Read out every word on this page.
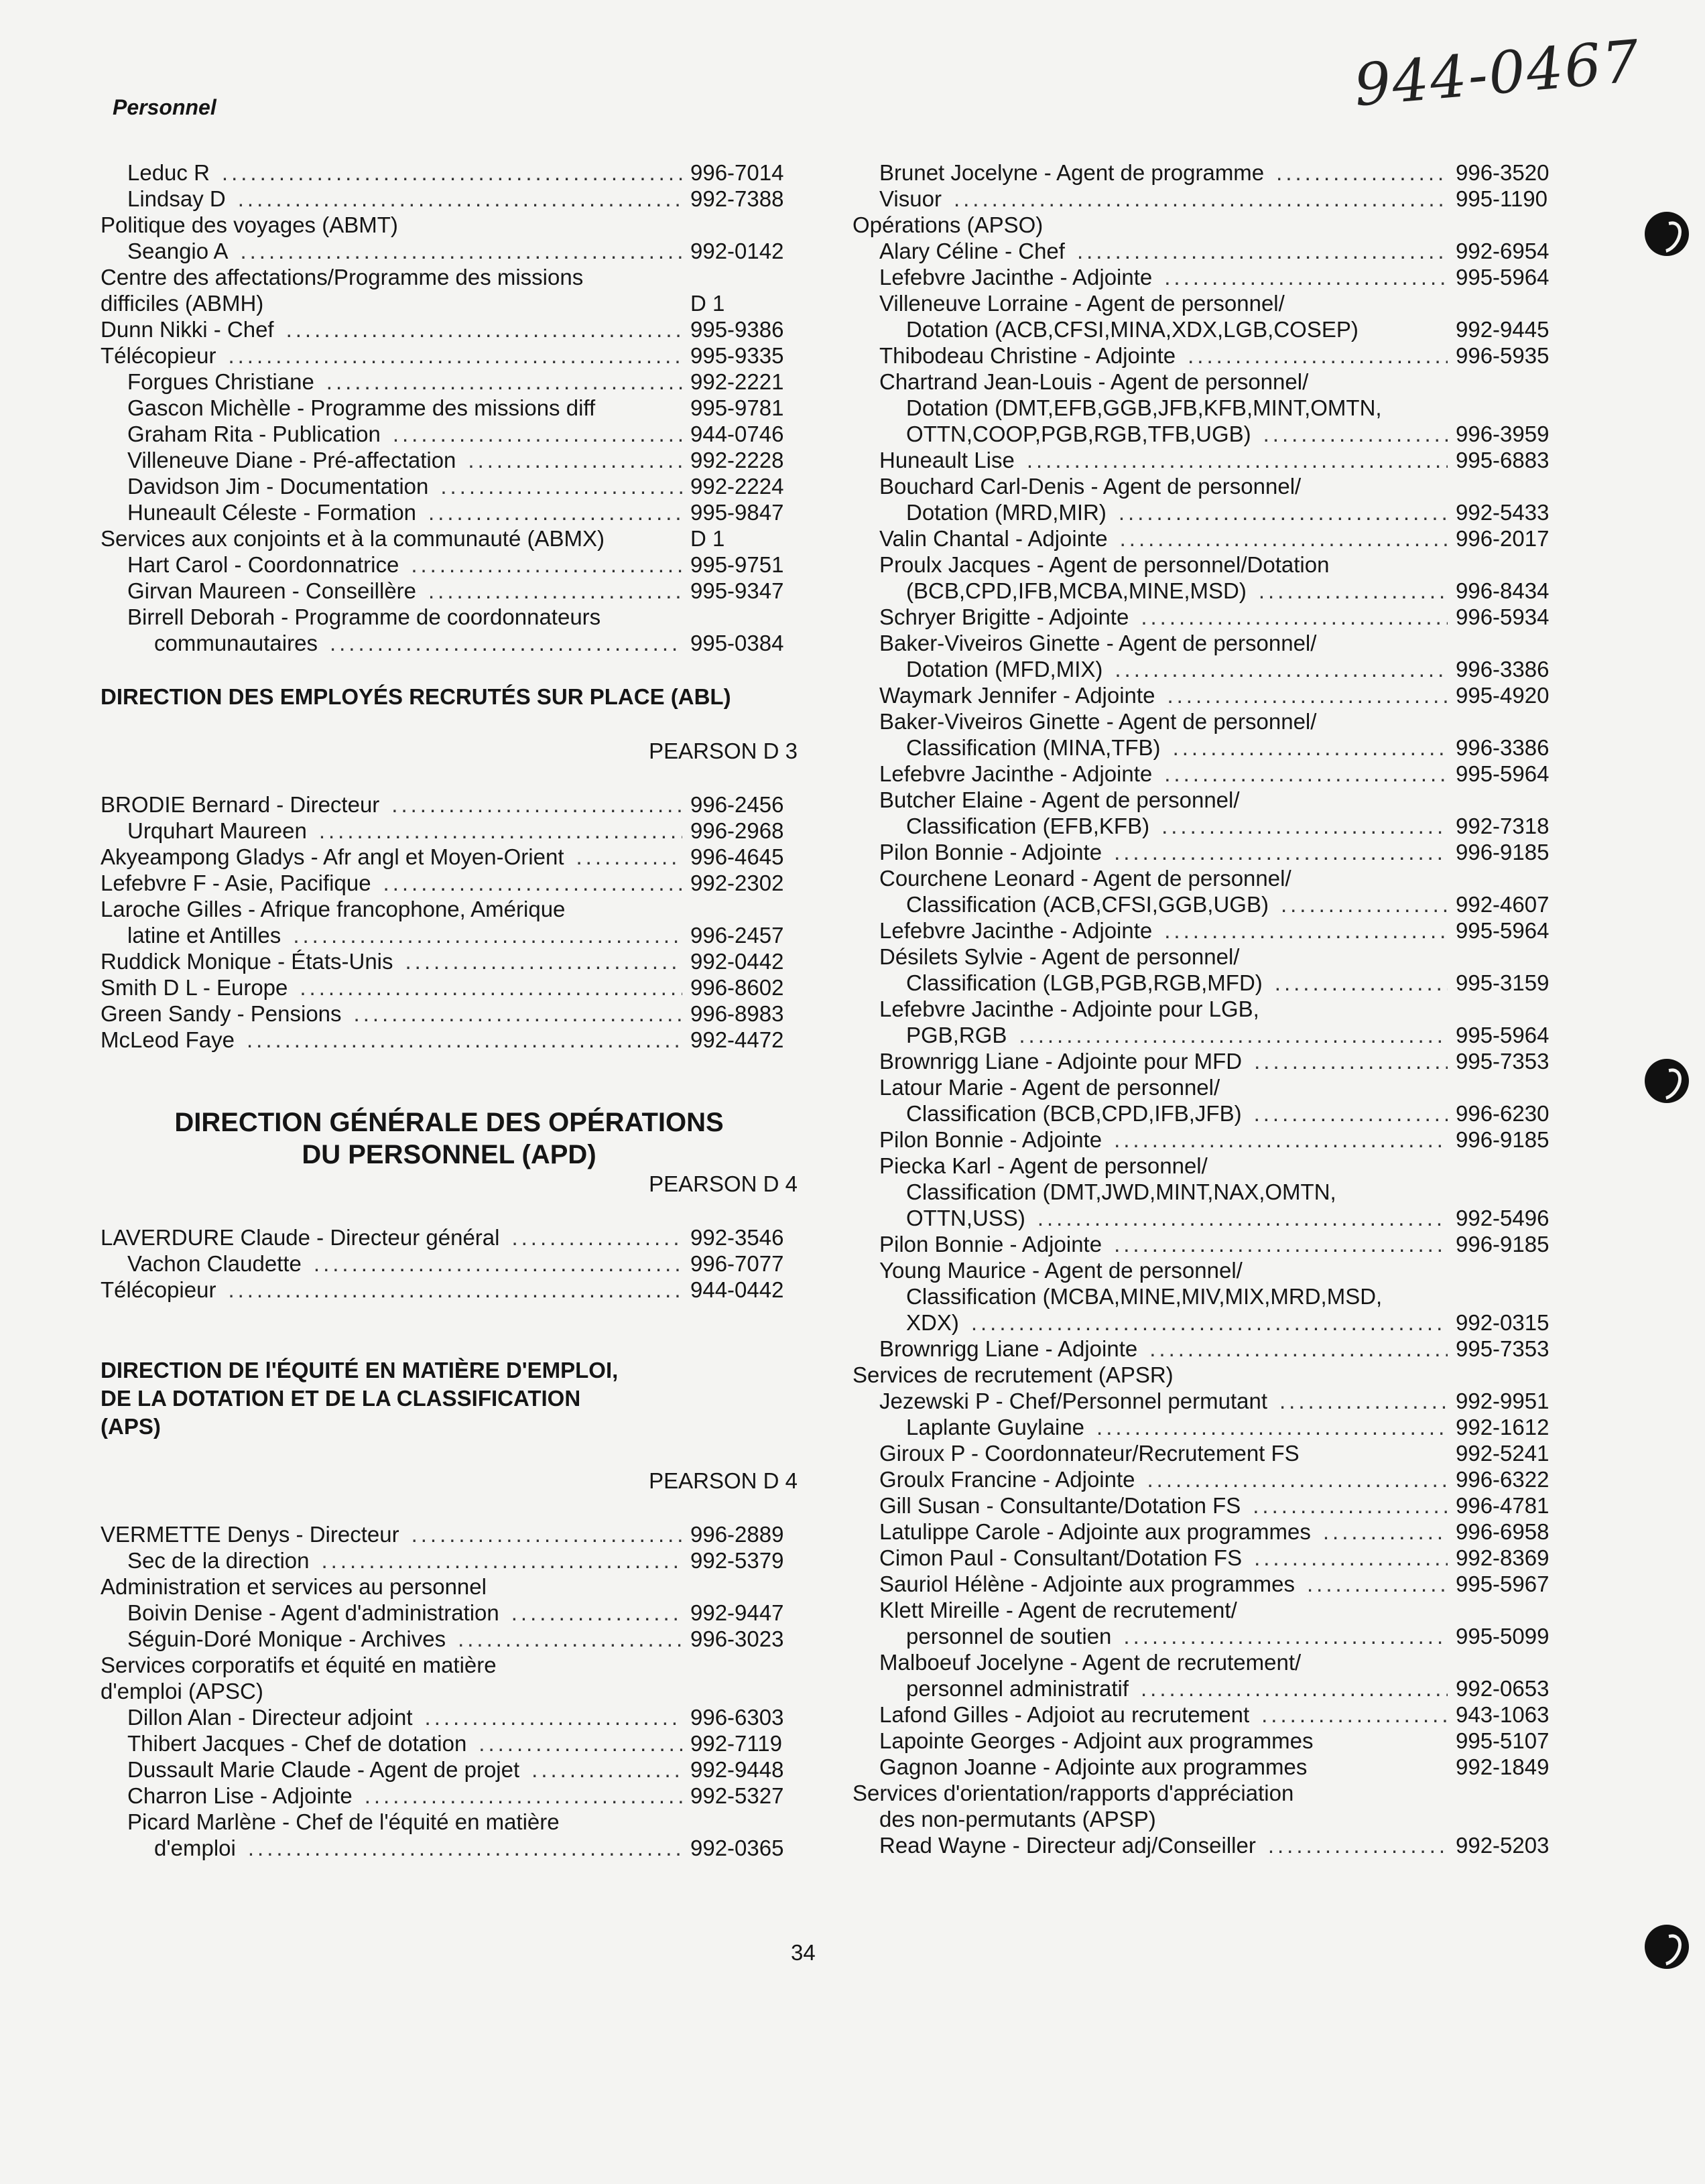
Personnel	944-0467
Leduc R .....	996-7014
Lindsay D .....	992-7388
Politique des voyages (ABMT)
Seangio A .....	992-0142
Centre des affectations/Programme des missions
difficiles (ABMH)	D 1
Dunn Nikki - Chef .....	995-9386
Télécopieur .....	995-9335
Forgues Christiane .....	992-2221
Gascon Michèlle - Programme des missions diff	995-9781
Graham Rita - Publication .....	944-0746
Villeneuve Diane - Pré-affectation .....	992-2228
Davidson Jim - Documentation .....	992-2224
Huneault Céleste - Formation .....	995-9847
Services aux conjoints et à la communauté (ABMX)	D 1
Hart Carol - Coordonnatrice .....	995-9751
Girvan Maureen - Conseillère .....	995-9347
Birrell Deborah - Programme de coordonnateurs
communautaires .....	995-0384
DIRECTION DES EMPLOYÉS RECRUTÉS SUR PLACE (ABL)
PEARSON D 3
BRODIE Bernard - Directeur .....	996-2456
Urquhart Maureen .....	996-2968
Akyeampong Gladys - Afr angl et Moyen-Orient .....	996-4645
Lefebvre F - Asie, Pacifique .....	992-2302
Laroche Gilles - Afrique francophone, Amérique
latine et Antilles .....	996-2457
Ruddick Monique - États-Unis .....	992-0442
Smith D L - Europe .....	996-8602
Green Sandy - Pensions .....	996-8983
McLeod Faye .....	992-4472
DIRECTION GÉNÉRALE DES OPÉRATIONS
DU PERSONNEL (APD)
PEARSON D 4
LAVERDURE Claude - Directeur général .....	992-3546
Vachon Claudette .....	996-7077
Télécopieur .....	944-0442
DIRECTION DE l'ÉQUITÉ EN MATIÈRE D'EMPLOI,
DE LA DOTATION ET DE LA CLASSIFICATION
(APS)
PEARSON D 4
VERMETTE Denys - Directeur .....	996-2889
Sec de la direction .....	992-5379
Administration et services au personnel
Boivin Denise - Agent d'administration .....	992-9447
Séguin-Doré Monique - Archives .....	996-3023
Services corporatifs et équité en matière
d'emploi (APSC)
Dillon Alan - Directeur adjoint .....	996-6303
Thibert Jacques - Chef de dotation .....	992-7119
Dussault Marie Claude - Agent de projet .....	992-9448
Charron Lise - Adjointe .....	992-5327
Picard Marlène - Chef de l'équité en matière
d'emploi .....	992-0365
Brunet Jocelyne - Agent de programme .....	996-3520
Visuor .....	995-1190
Opérations (APSO)
Alary Céline - Chef .....	992-6954
Lefebvre Jacinthe - Adjointe .....	995-5964
Villeneuve Lorraine - Agent de personnel/
Dotation (ACB,CFSI,MINA,XDX,LGB,COSEP)	992-9445
Thibodeau Christine - Adjointe .....	996-5935
Chartrand Jean-Louis - Agent de personnel/
Dotation (DMT,EFB,GGB,JFB,KFB,MINT,OMTN,
OTTN,COOP,PGB,RGB,TFB,UGB) .....	996-3959
Huneault Lise .....	995-6883
Bouchard Carl-Denis - Agent de personnel/
Dotation (MRD,MIR) .....	992-5433
Valin Chantal - Adjointe .....	996-2017
Proulx Jacques - Agent de personnel/Dotation
(BCB,CPD,IFB,MCBA,MINE,MSD) .....	996-8434
Schryer Brigitte - Adjointe .....	996-5934
Baker-Viveiros Ginette - Agent de personnel/
Dotation (MFD,MIX) .....	996-3386
Waymark Jennifer - Adjointe .....	995-4920
Baker-Viveiros Ginette - Agent de personnel/
Classification (MINA,TFB) .....	996-3386
Lefebvre Jacinthe - Adjointe .....	995-5964
Butcher Elaine - Agent de personnel/
Classification (EFB,KFB) .....	992-7318
Pilon Bonnie - Adjointe .....	996-9185
Courchene Leonard - Agent de personnel/
Classification (ACB,CFSI,GGB,UGB) .....	992-4607
Lefebvre Jacinthe - Adjointe .....	995-5964
Désilets Sylvie - Agent de personnel/
Classification (LGB,PGB,RGB,MFD) .....	995-3159
Lefebvre Jacinthe - Adjointe pour LGB,
PGB,RGB .....	995-5964
Brownrigg Liane - Adjointe pour MFD .....	995-7353
Latour Marie - Agent de personnel/
Classification (BCB,CPD,IFB,JFB) .....	996-6230
Pilon Bonnie - Adjointe .....	996-9185
Piecka Karl - Agent de personnel/
Classification (DMT,JWD,MINT,NAX,OMTN,
OTTN,USS) .....	992-5496
Pilon Bonnie - Adjointe .....	996-9185
Young Maurice - Agent de personnel/
Classification (MCBA,MINE,MIV,MIX,MRD,MSD,
XDX) .....	992-0315
Brownrigg Liane - Adjointe .....	995-7353
Services de recrutement (APSR)
Jezewski P - Chef/Personnel permutant .....	992-9951
Laplante Guylaine .....	992-1612
Giroux P - Coordonnateur/Recrutement FS	992-5241
Groulx Francine - Adjointe .....	996-6322
Gill Susan - Consultante/Dotation FS .....	996-4781
Latulippe Carole - Adjointe aux programmes .....	996-6958
Cimon Paul - Consultant/Dotation FS .....	992-8369
Sauriol Hélène - Adjointe aux programmes .....	995-5967
Klett Mireille - Agent de recrutement/
personnel de soutien .....	995-5099
Malboeuf Jocelyne - Agent de recrutement/
personnel administratif .....	992-0653
Lafond Gilles - Adjoiot au recrutement .....	943-1063
Lapointe Georges - Adjoint aux programmes	995-5107
Gagnon Joanne - Adjointe aux programmes	992-1849
Services d'orientation/rapports d'appréciation
des non-permutants (APSP)
Read Wayne - Directeur adj/Conseiller .....	992-5203
34
